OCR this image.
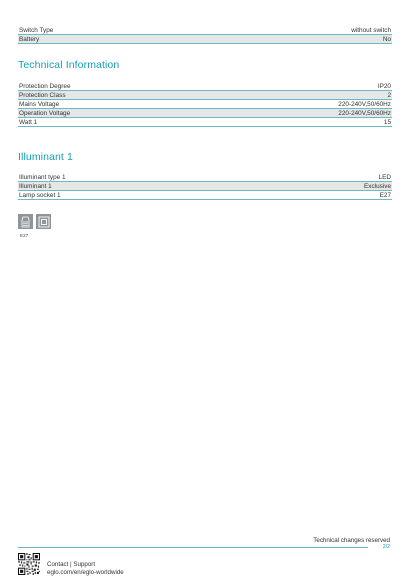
Switch Type	without switch
Battery	No
Technical Information
Protection Degree	IP20
Protection Class	2
Mains Voltage	220-240V,50/60Hz
Operation Voltage	220-240V,50/60Hz
Watt 1	15
Illuminant 1
Illuminant type 1	LED
Illuminant 1	Exclusive
Lamp socket 1	E27
E27
Technical changes reserved
2/2
Contact | Support
eglo.com/en/eglo-worldwide
